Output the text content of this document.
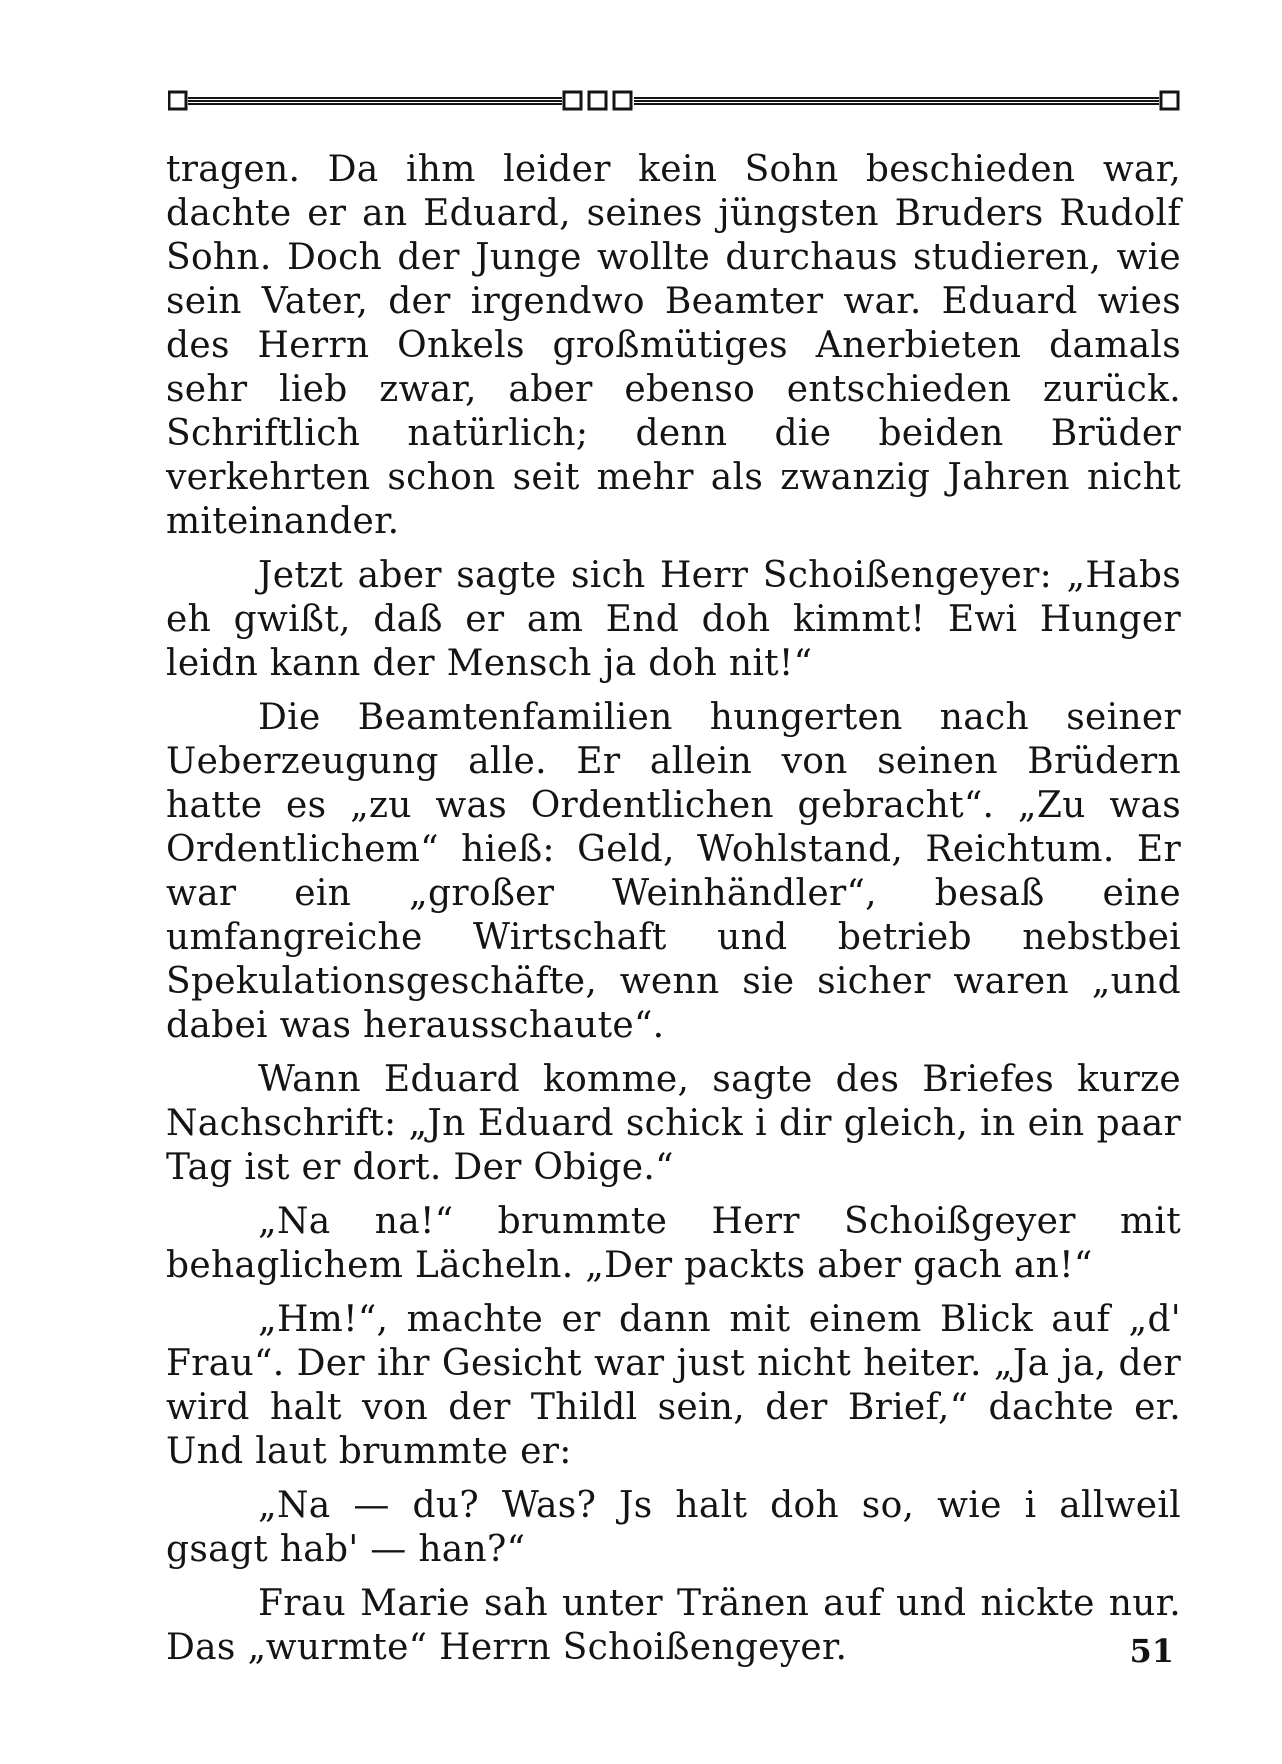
tragen. Da ihm leider kein Sohn beschieden war, dachte er an Eduard, seines jüngsten Bruders Rudolf Sohn. Doch der Junge wollte durchaus studieren, wie sein Vater, der irgendwo Beamter war. Eduard wies des Herrn Onkels großmütiges Anerbieten damals sehr lieb zwar, aber ebenso entschieden zurück. Schriftlich natürlich; denn die beiden Brüder verkehrten schon seit mehr als zwanzig Jahren nicht miteinander.

Jetzt aber sagte sich Herr Schoißengeyer: „Habs eh gwißt, daß er am End doh kimmt! Ewi Hunger leidn kann der Mensch ja doh nit!“

Die Beamtenfamilien hungerten nach seiner Ueberzeugung alle. Er allein von seinen Brüdern hatte es „zu was Ordentlichen gebracht“. „Zu was Ordentlichem“ hieß: Geld, Wohlstand, Reichtum. Er war ein „großer Weinhändler“, besaß eine umfangreiche Wirtschaft und betrieb nebstbei Spekulationsgeschäfte, wenn sie sicher waren „und dabei was herausschaute“.

Wann Eduard komme, sagte des Briefes kurze Nachschrift: „Jn Eduard schick i dir gleich, in ein paar Tag ist er dort. Der Obige.“

„Na na!“ brummte Herr Schoißgeyer mit behaglichem Lächeln. „Der packts aber gach an!“

„Hm!“, machte er dann mit einem Blick auf „d' Frau“. Der ihr Gesicht war just nicht heiter. „Ja ja, der wird halt von der Thildl sein, der Brief,“ dachte er. Und laut brummte er:

„Na — du? Was? Js halt doh so, wie i allweil gsagt hab' — han?“

Frau Marie sah unter Tränen auf und nickte nur. Das „wurmte“ Herrn Schoißengeyer.	51
